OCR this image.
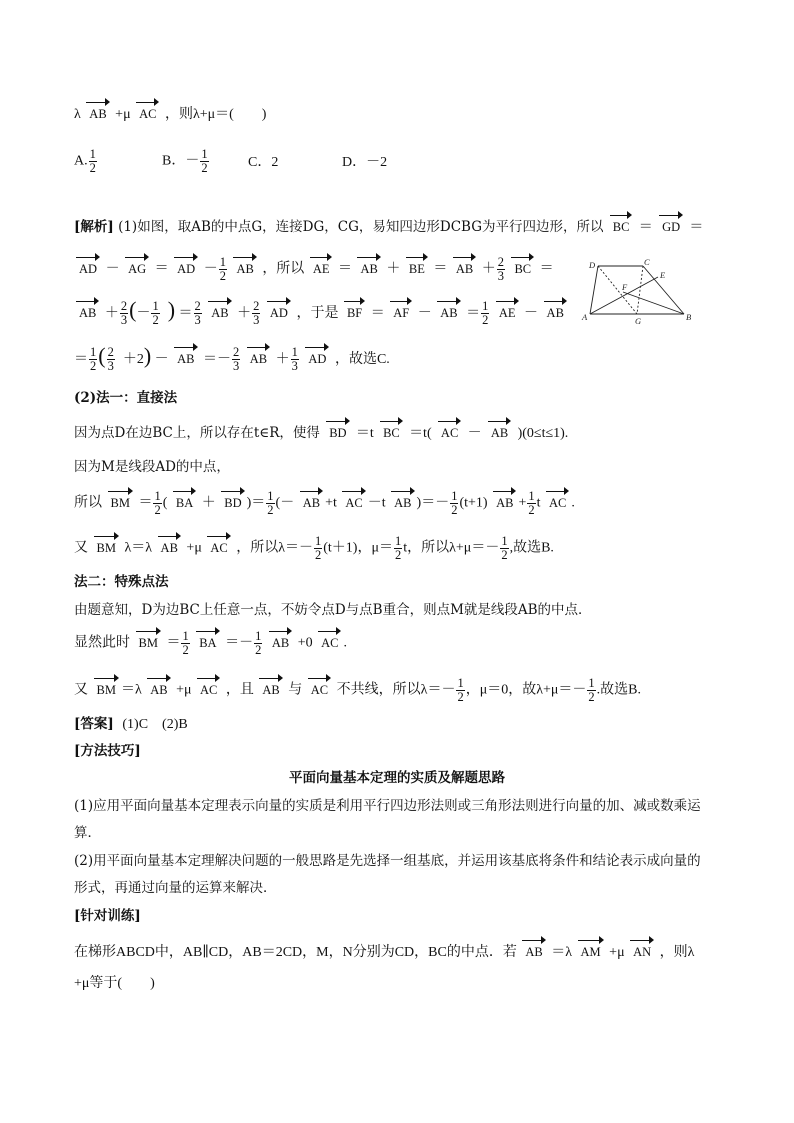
λ AB +μ AC ，则λ+μ＝(　　)
A. $\frac{1}{2}$	B．－ $\frac{1}{2}$	C．2	D．－2
[解析] (1)如图，取AB的中点G，连接DG，CG，易知四边形DCBG为平行四边形，所以 BC ＝ GD ＝
AD － AG ＝ AD － $\frac{1}{2}$ AB ，所以 AE ＝ AB ＋ BE ＝ AB ＋ $\frac{2}{3}$ BC ＝
AB ＋ $\frac{2}{3}$ (－ $\frac{1}{2}$ ) ＝ $\frac{2}{3}$ AB ＋ $\frac{2}{3}$ AD ，于是 BF ＝ AF － AB ＝ $\frac{1}{2}$ AE － AB
D	C
E
F
A	G	B
＝ $\frac{1}{2}$ ( $\frac{2}{3} +2$) － AB ＝－ $\frac{2}{3}$ AB ＋ $\frac{1}{3}$ AD ，故选C.
(2)法一：直接法
因为点D在边BC上，所以存在t∈R，使得 BD ＝t BC ＝t( AC － AB )(0≤t≤1).
因为M是线段AD的中点，
所以 BM ＝ $\frac{1}{2}$ ( BA ＋ BD )＝ $\frac{1}{2}$ (－ AB +t AC －t AB )＝－ $\frac{1}{2} (t+1)$ AB + $\frac{1}{2}$ t AC .
又 BM λ＝λ AB +μ AC ，所以$\lambda=- \frac{1}{2} (t+1)$，$\mu= \frac{1}{2}$ t，所以$\lambda+\mu=- \frac{1}{2}$ ,故选B.
法二：特殊点法
由题意知，D为边BC上任意一点，不妨令点D与点B重合，则点M就是线段AB的中点．
显然此时 BM ＝ $\frac{1}{2}$ BA ＝－ $\frac{1}{2}$ AB +0 AC .
又 BM ＝λ AB +μ AC ，且 AB 与 AC 不共线，所以$\lambda=- \frac{1}{2}$ ，μ＝0，故$\lambda+\mu=- \frac{1}{2}$ .故选B.
[答案] (1)C　(2)B
[方法技巧]
平面向量基本定理的实质及解题思路
(1)应用平面向量基本定理表示向量的实质是利用平行四边形法则或三角形法则进行向量的加、减或数乘运
算．
(2)用平面向量基本定理解决问题的一般思路是先选择一组基底，并运用该基底将条件和结论表示成向量的
形式，再通过向量的运算来解决．
[针对训练]
在梯形ABCD中，AB∥CD，AB＝2CD，M，N分别为CD，BC的中点．若 AB ＝λ AM +μ AN ，则λ
+μ等于(　　)
